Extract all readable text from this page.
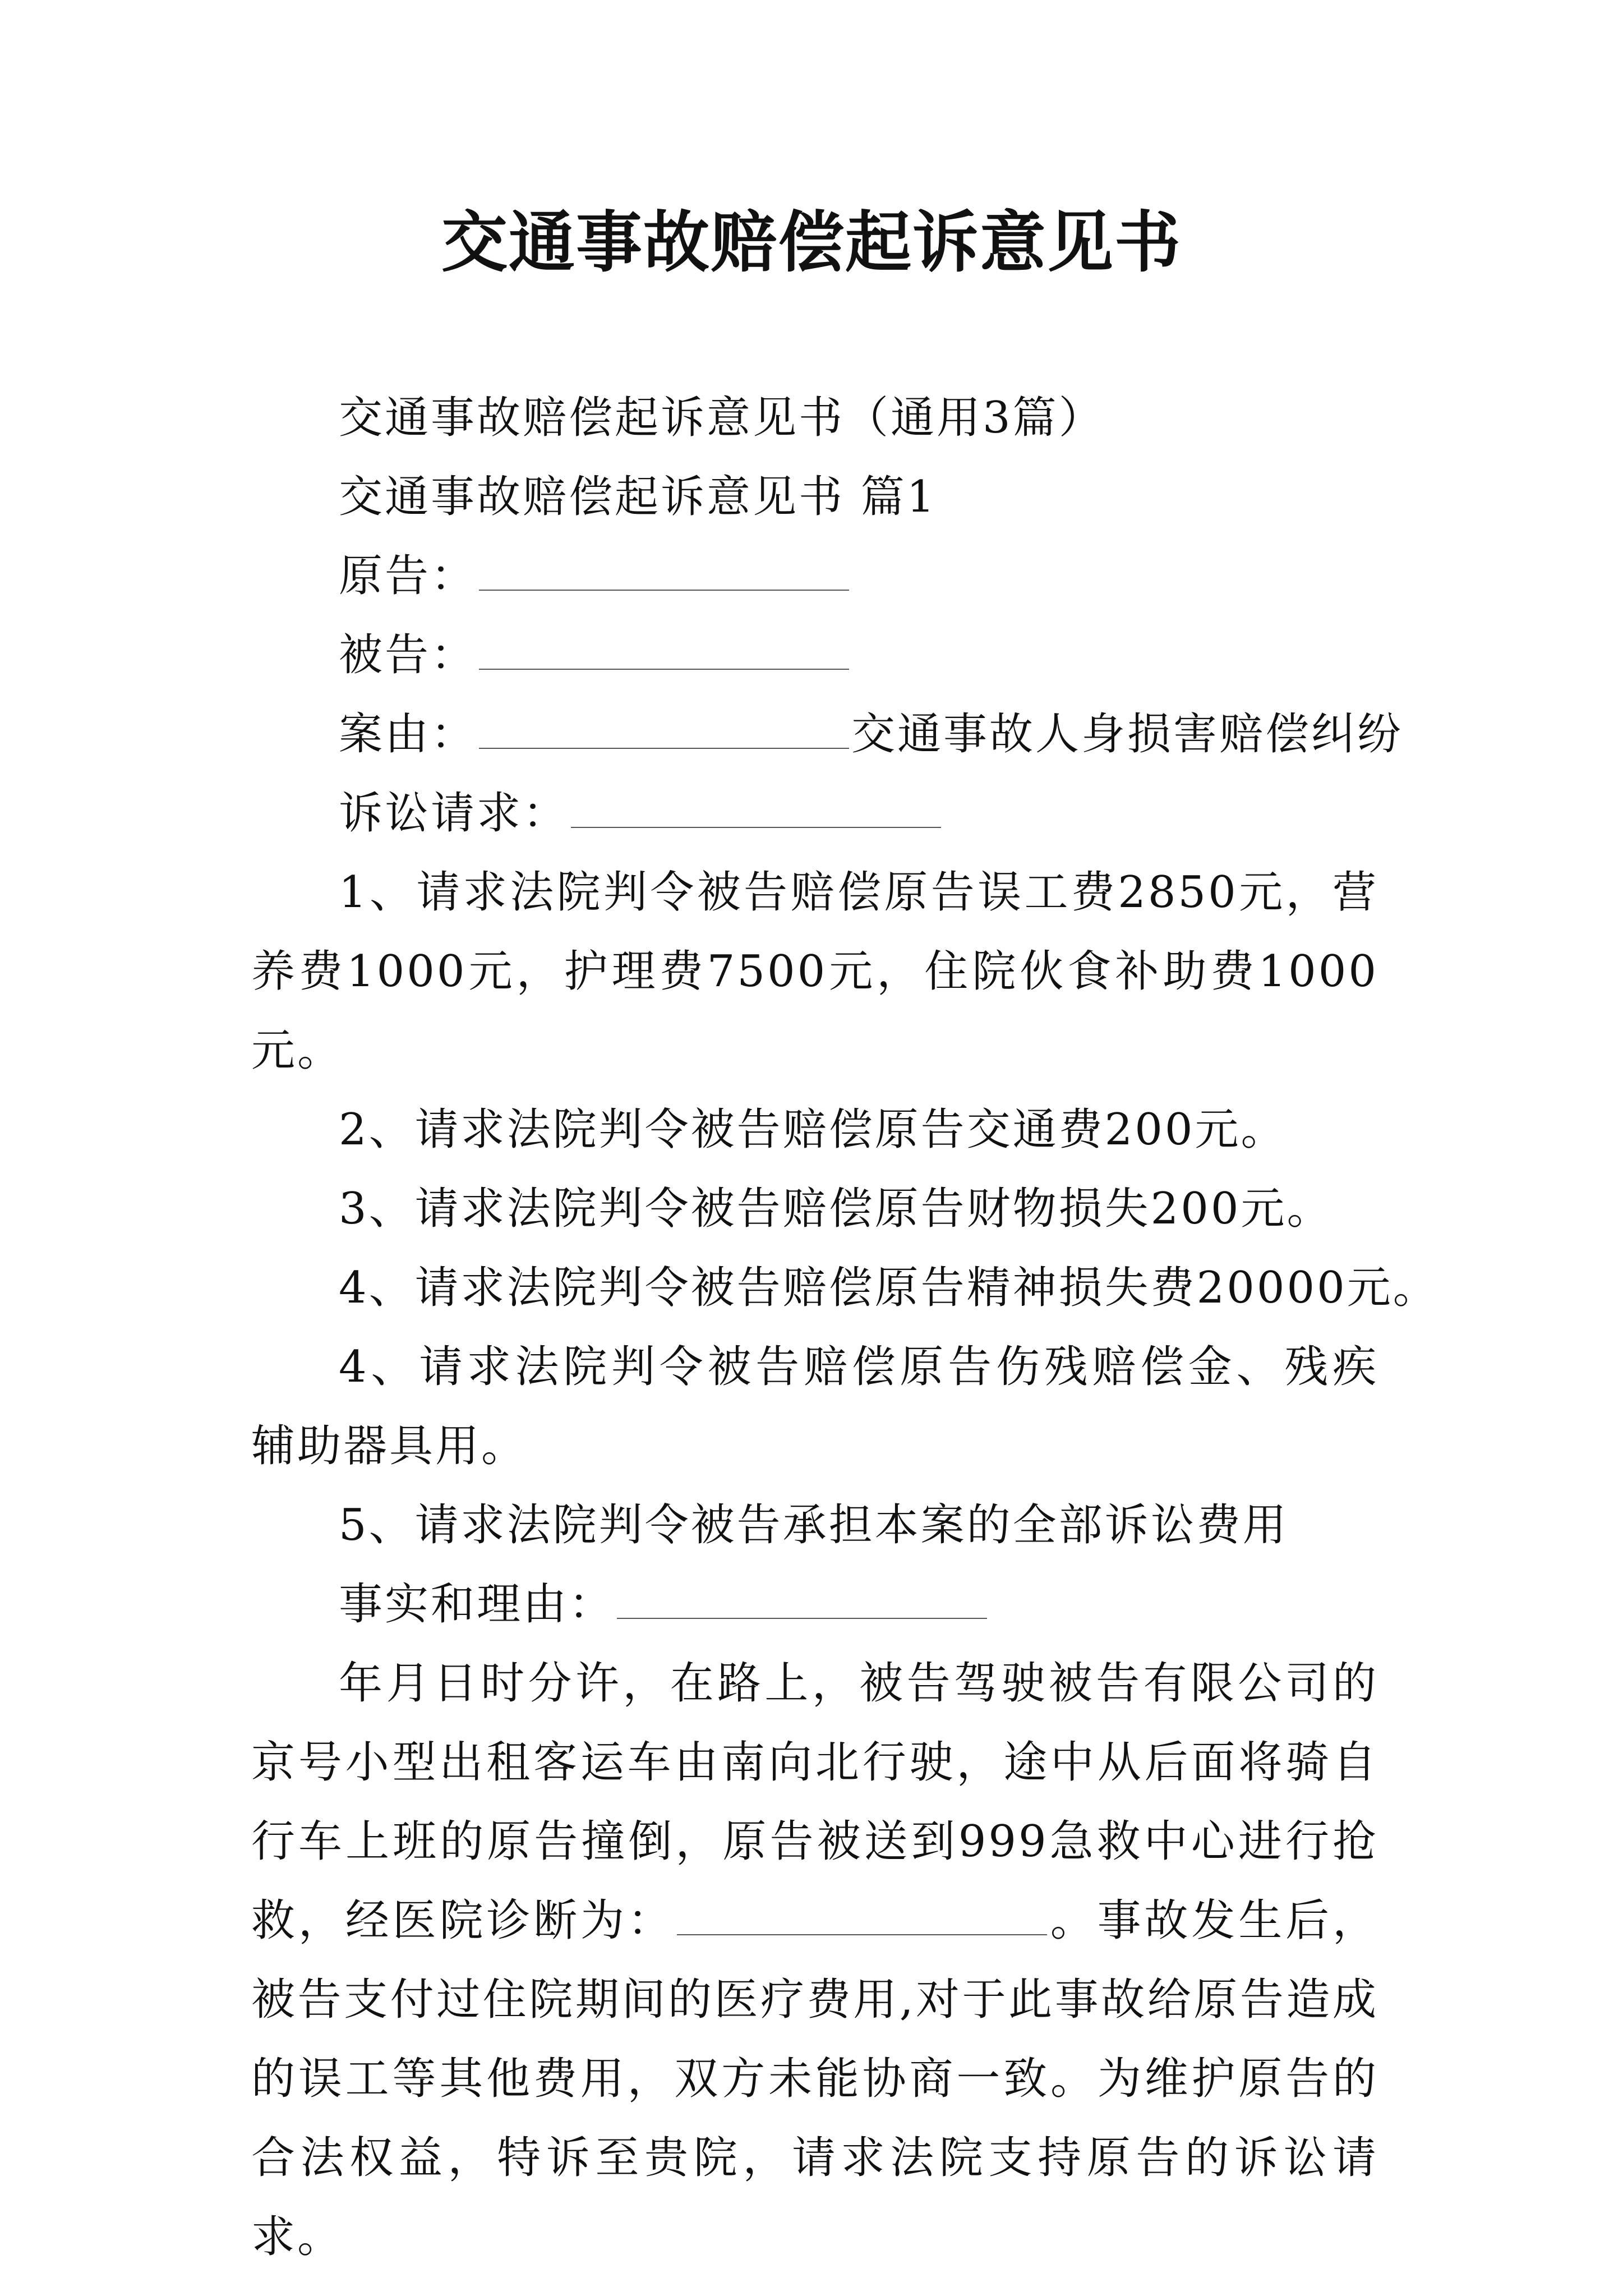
交通事故赔偿起诉意见书

交通事故赔偿起诉意见书（通用3篇）

交通事故赔偿起诉意见书 篇1

原告：

被告：

案由：	交通事故人身损害赔偿纠纷

诉讼请求：

1、请求法院判令被告赔偿原告误工费2850元，营养费1000元，护理费7500元，住院伙食补助费1000元。

2、请求法院判令被告赔偿原告交通费200元。

3、请求法院判令被告赔偿原告财物损失200元。

4、请求法院判令被告赔偿原告精神损失费20000元。

4、请求法院判令被告赔偿原告伤残赔偿金、残疾辅助器具用。

5、请求法院判令被告承担本案的全部诉讼费用

事实和理由：

年月日时分许，在路上，被告驾驶被告有限公司的京号小型出租客运车由南向北行驶，途中从后面将骑自行车上班的原告撞倒，原告被送到999急救中心进行抢救，经医院诊断为：	。事故发生后，被告支付过住院期间的医疗费用,对于此事故给原告造成的误工等其他费用，双方未能协商一致。为维护原告的合法权益，特诉至贵院，请求法院支持原告的诉讼请求。
